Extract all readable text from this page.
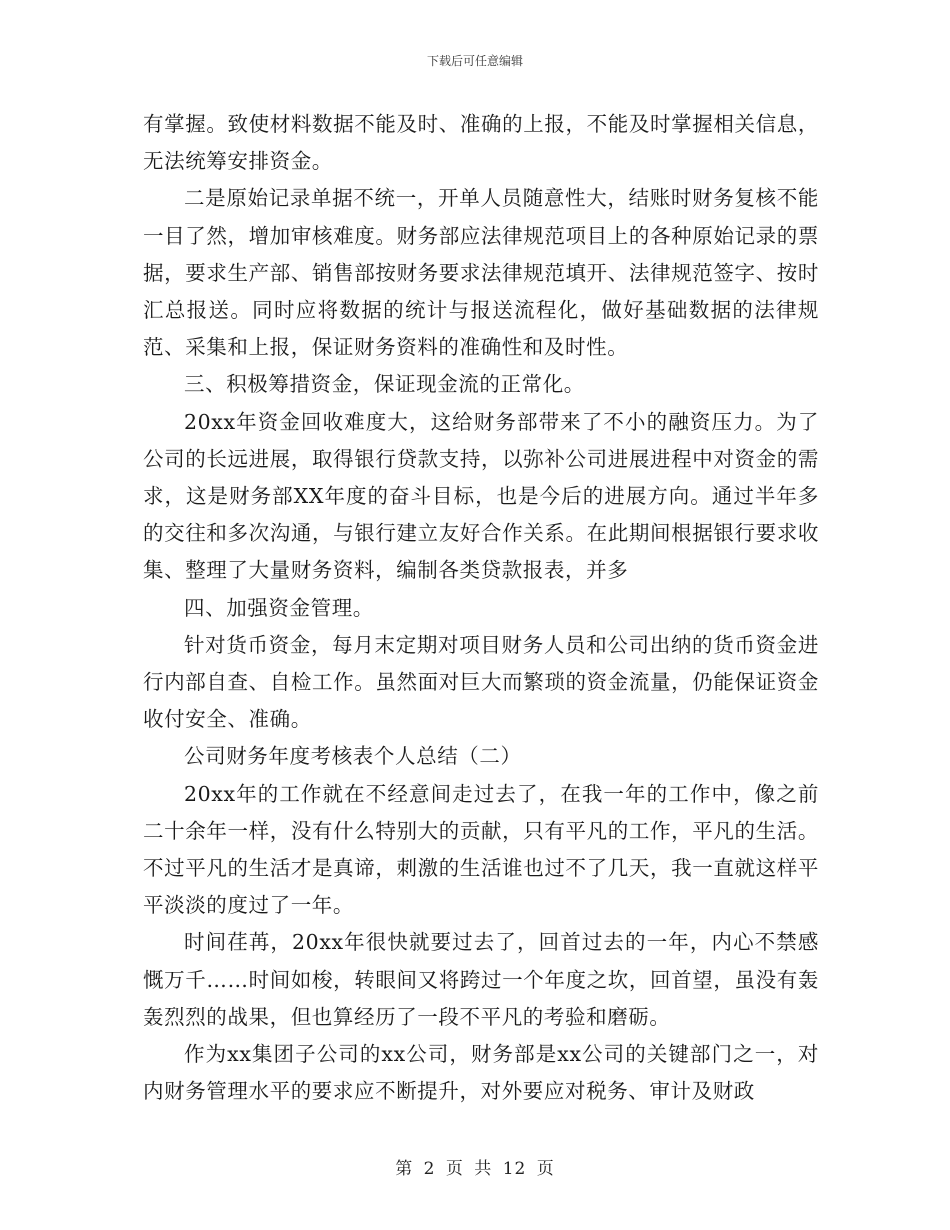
下载后可任意编辑

有掌握。致使材料数据不能及时、准确的上报，不能及时掌握相关信息，无法统筹安排资金。

二是原始记录单据不统一，开单人员随意性大，结账时财务复核不能一目了然，增加审核难度。财务部应法律规范项目上的各种原始记录的票据，要求生产部、销售部按财务要求法律规范填开、法律规范签字、按时汇总报送。同时应将数据的统计与报送流程化，做好基础数据的法律规范、采集和上报，保证财务资料的准确性和及时性。

三、积极筹措资金，保证现金流的正常化。

20xx年资金回收难度大，这给财务部带来了不小的融资压力。为了公司的长远进展，取得银行贷款支持，以弥补公司进展进程中对资金的需求，这是财务部XX年度的奋斗目标，也是今后的进展方向。通过半年多的交往和多次沟通，与银行建立友好合作关系。在此期间根据银行要求收集、整理了大量财务资料，编制各类贷款报表，并多

四、加强资金管理。

针对货币资金，每月末定期对项目财务人员和公司出纳的货币资金进行内部自查、自检工作。虽然面对巨大而繁琐的资金流量，仍能保证资金收付安全、准确。

公司财务年度考核表个人总结（二）

20xx年的工作就在不经意间走过去了，在我一年的工作中，像之前二十余年一样，没有什么特别大的贡献，只有平凡的工作，平凡的生活。不过平凡的生活才是真谛，刺激的生活谁也过不了几天，我一直就这样平平淡淡的度过了一年。

时间荏苒，20xx年很快就要过去了，回首过去的一年，内心不禁感慨万千……时间如梭，转眼间又将跨过一个年度之坎，回首望，虽没有轰轰烈烈的战果，但也算经历了一段不平凡的考验和磨砺。

作为xx集团子公司的xx公司，财务部是xx公司的关键部门之一，对内财务管理水平的要求应不断提升，对外要应对税务、审计及财政

第 2 页 共 12 页
